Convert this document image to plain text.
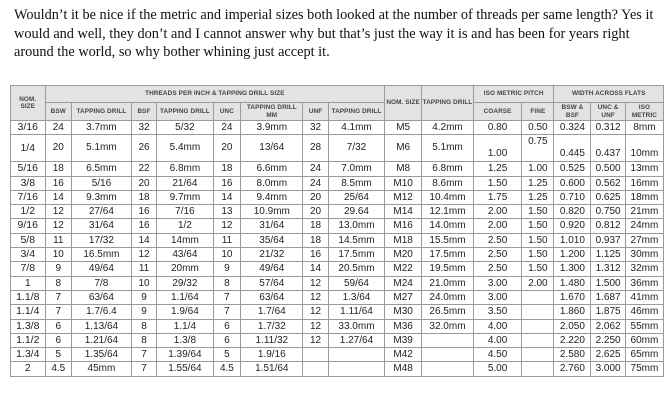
Wouldn’t it be nice if the metric and imperial sizes both looked at the number of threads per same length? Yes it would and well, they don’t and I cannot answer why but that’s just the way it is and has been for years right around the world, so why bother whining just accept it.

NOM. SIZE	THREADS PER INCH & TAPPING DRILL SIZE								NOM. SIZE	TAPPING DRILL	ISO METRIC PITCH		WIDTH ACROSS FLATS		
	BSW	TAPPING DRILL	BSF	TAPPING DRILL	UNC	TAPPING DRILL MM	UNF	TAPPING DRILL			COARSE	FINE	BSW & BSF	UNC & UNF	ISO METRIC
3/16	24	3.7mm	32	5/32	24	3.9mm	32	4.1mm	M5	4.2mm	0.80	0.50	0.324	0.312	8mm
1/4	20	5.1mm	26	5.4mm	20	13/64	28	7/32	M6	5.1mm	1.00	0.75	0.445	0.437	10mm
5/16	18	6.5mm	22	6.8mm	18	6.6mm	24	7.0mm	M8	6.8mm	1.25	1.00	0.525	0.500	13mm
3/8	16	5/16	20	21/64	16	8.0mm	24	8.5mm	M10	8.6mm	1.50	1.25	0.600	0.562	16mm
7/16	14	9.3mm	18	9.7mm	14	9.4mm	20	25/64	M12	10.4mm	1.75	1.25	0.710	0.625	18mm
1/2	12	27/64	16	7/16	13	10.9mm	20	29.64	M14	12.1mm	2.00	1.50	0.820	0.750	21mm
9/16	12	31/64	16	1/2	12	31/64	18	13.0mm	M16	14.0mm	2.00	1.50	0.920	0.812	24mm
5/8	11	17/32	14	14mm	11	35/64	18	14.5mm	M18	15.5mm	2.50	1.50	1.010	0.937	27mm
3/4	10	16.5mm	12	43/64	10	21/32	16	17.5mm	M20	17.5mm	2.50	1.50	1.200	1.125	30mm
7/8	9	49/64	11	20mm	9	49/64	14	20.5mm	M22	19.5mm	2.50	1.50	1.300	1.312	32mm
1	8	7/8	10	29/32	8	57/64	12	59/64	M24	21.0mm	3.00	2.00	1.480	1.500	36mm
1.1/8	7	63/64	9	1.1/64	7	63/64	12	1.3/64	M27	24.0mm	3.00		1.670	1.687	41mm
1.1/4	7	1.7/6.4	9	1.9/64	7	1.7/64	12	1.11/64	M30	26.5mm	3.50		1.860	1.875	46mm
1.3/8	6	1.13/64	8	1.1/4	6	1.7/32	12	33.0mm	M36	32.0mm	4.00		2.050	2.062	55mm
1.1/2	6	1.21/64	8	1.3/8	6	1.11/32	12	1.27/64	M39		4.00		2.220	2.250	60mm
1.3/4	5	1.35/64	7	1.39/64	5	1.9/16			M42		4.50		2.580	2.625	65mm
2	4.5	45mm	7	1.55/64	4.5	1.51/64			M48		5.00		2.760	3.000	75mm
